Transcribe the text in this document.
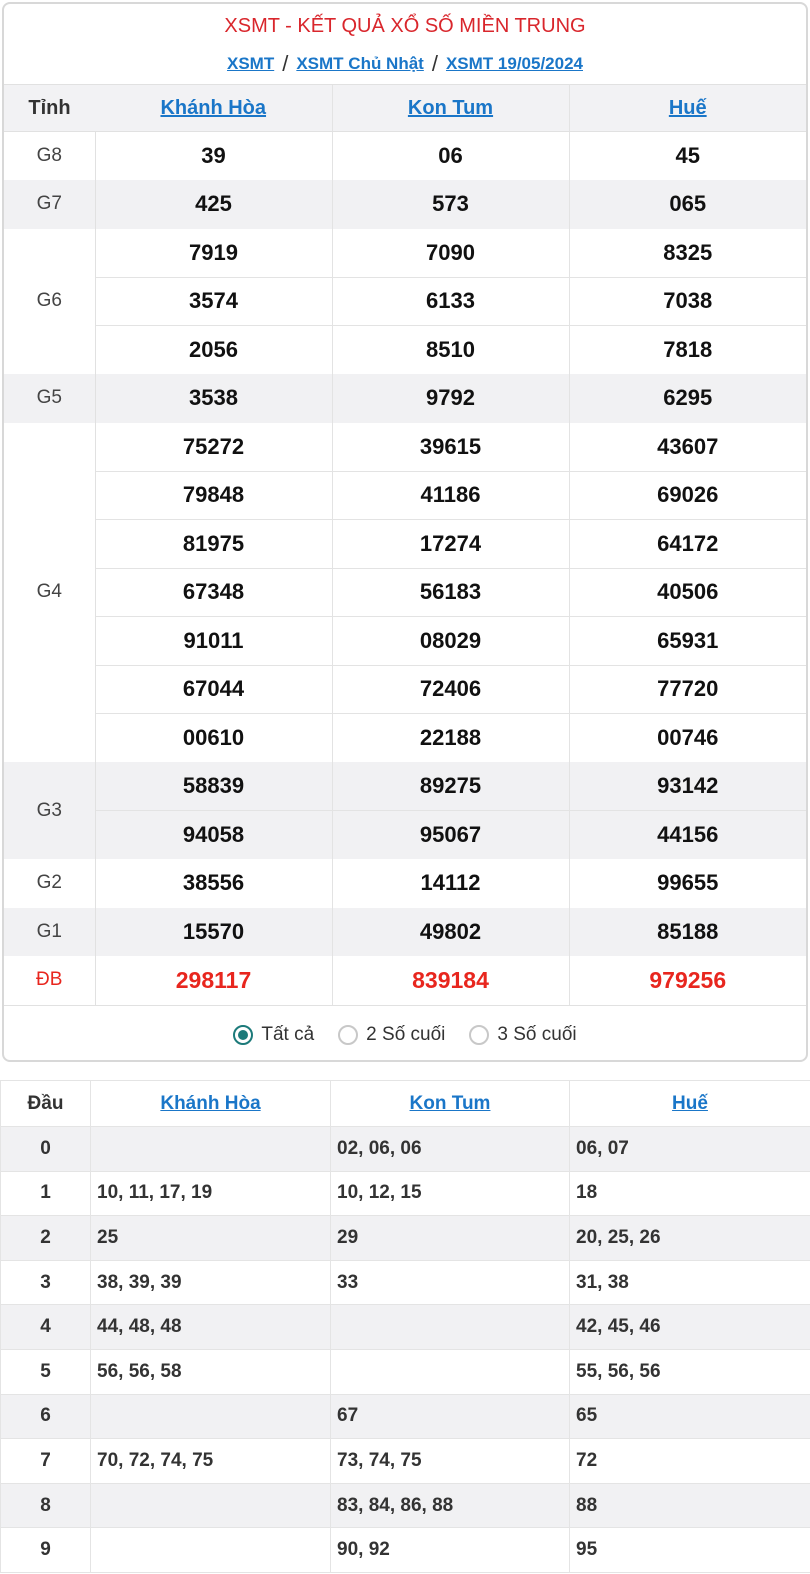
XSMT - KẾT QUẢ XỔ SỐ MIỀN TRUNG
XSMT / XSMT Chủ Nhật / XSMT 19/05/2024
Tỉnh	Khánh Hòa	Kon Tum	Huế
G8	39	06	45
G7	425	573	065
G6	7919	7090	8325
	3574	6133	7038
	2056	8510	7818
G5	3538	9792	6295
G4	75272	39615	43607
	79848	41186	69026
	81975	17274	64172
	67348	56183	40506
	91011	08029	65931
	67044	72406	77720
	00610	22188	00746
G3	58839	89275	93142
	94058	95067	44156
G2	38556	14112	99655
G1	15570	49802	85188
ĐB	298117	839184	979256
Tất cả	2 Số cuối	3 Số cuối
Đầu	Khánh Hòa	Kon Tum	Huế
0		02, 06, 06	06, 07
1	10, 11, 17, 19	10, 12, 15	18
2	25	29	20, 25, 26
3	38, 39, 39	33	31, 38
4	44, 48, 48		42, 45, 46
5	56, 56, 58		55, 56, 56
6		67	65
7	70, 72, 74, 75	73, 74, 75	72
8		83, 84, 86, 88	88
9		90, 92	95
